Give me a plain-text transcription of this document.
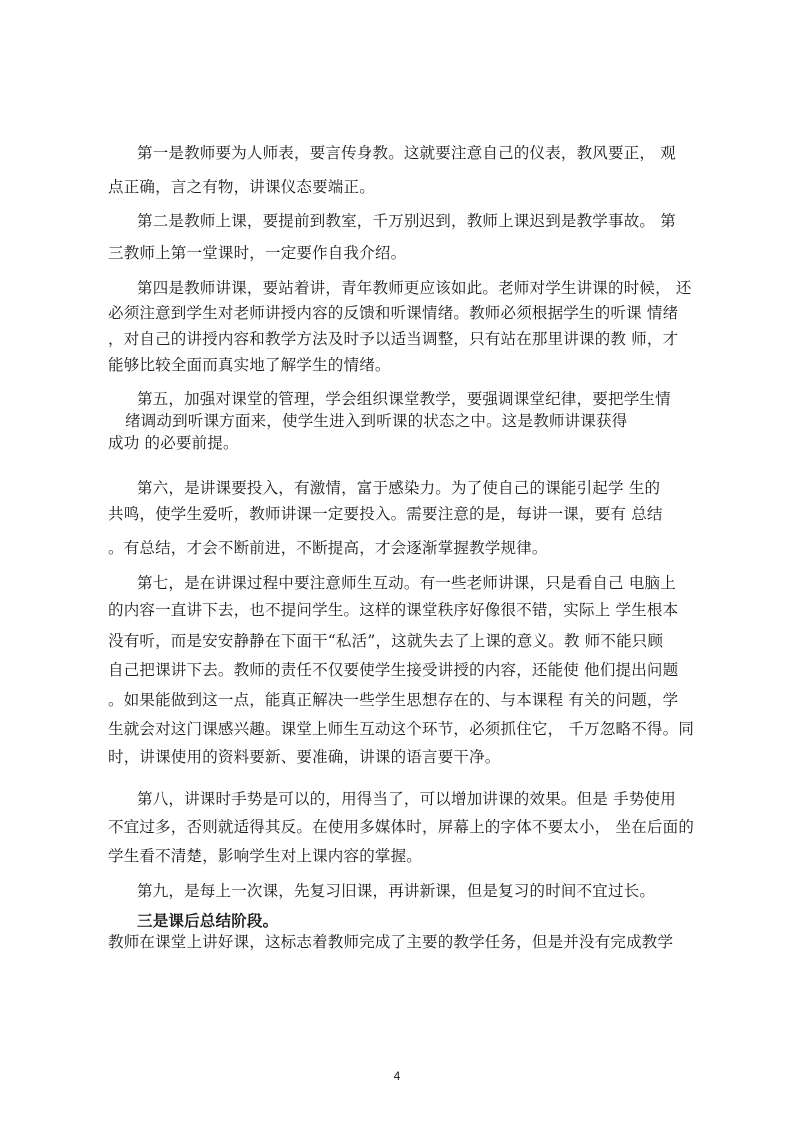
第一是教师要为人师表，要言传身教。这就要注意自己的仪表，教风要正， 观

点正确，言之有物，讲课仪态要端正。

第二是教师上课，要提前到教室，千万别迟到，教师上课迟到是教学事故。 第

三教师上第一堂课时，一定要作自我介绍。

第四是教师讲课，要站着讲，青年教师更应该如此。老师对学生讲课的时候， 还

必须注意到学生对老师讲授内容的反馈和听课情绪。教师必须根据学生的听课 情绪

，对自己的讲授内容和教学方法及时予以适当调整，只有站在那里讲课的教 师，才

能够比较全面而真实地了解学生的情绪。

第五，加强对课堂的管理，学会组织课堂教学，要强调课堂纪律，要把学生情

绪调动到听课方面来，使学生进入到听课的状态之中。这是教师讲课获得

成功 的必要前提。

第六，是讲课要投入，有激情，富于感染力。为了使自己的课能引起学 生的

共鸣，使学生爱听，教师讲课一定要投入。需要注意的是，每讲一课，要有 总结

。有总结，才会不断前进，不断提高，才会逐渐掌握教学规律。

第七，是在讲课过程中要注意师生互动。有一些老师讲课，只是看自己 电脑上

的内容一直讲下去，也不提问学生。这样的课堂秩序好像很不错，实际上 学生根本

没有听，而是安安静静在下面干“私活”，这就失去了上课的意义。教 师不能只顾

自己把课讲下去。教师的责任不仅要使学生接受讲授的内容，还能使 他们提出问题

。如果能做到这一点，能真正解决一些学生思想存在的、与本课程 有关的问题，学

生就会对这门课感兴趣。课堂上师生互动这个环节，必须抓住它， 千万忽略不得。同

时，讲课使用的资料要新、要准确，讲课的语言要干净。

第八，讲课时手势是可以的，用得当了，可以增加讲课的效果。但是 手势使用

不宜过多，否则就适得其反。在使用多媒体时，屏幕上的字体不要太小， 坐在后面的

学生看不清楚，影响学生对上课内容的掌握。

第九，是每上一次课，先复习旧课，再讲新课，但是复习的时间不宜过长。

三是课后总结阶段。

教师在课堂上讲好课，这标志着教师完成了主要的教学任务，但是并没有完成教学

4
